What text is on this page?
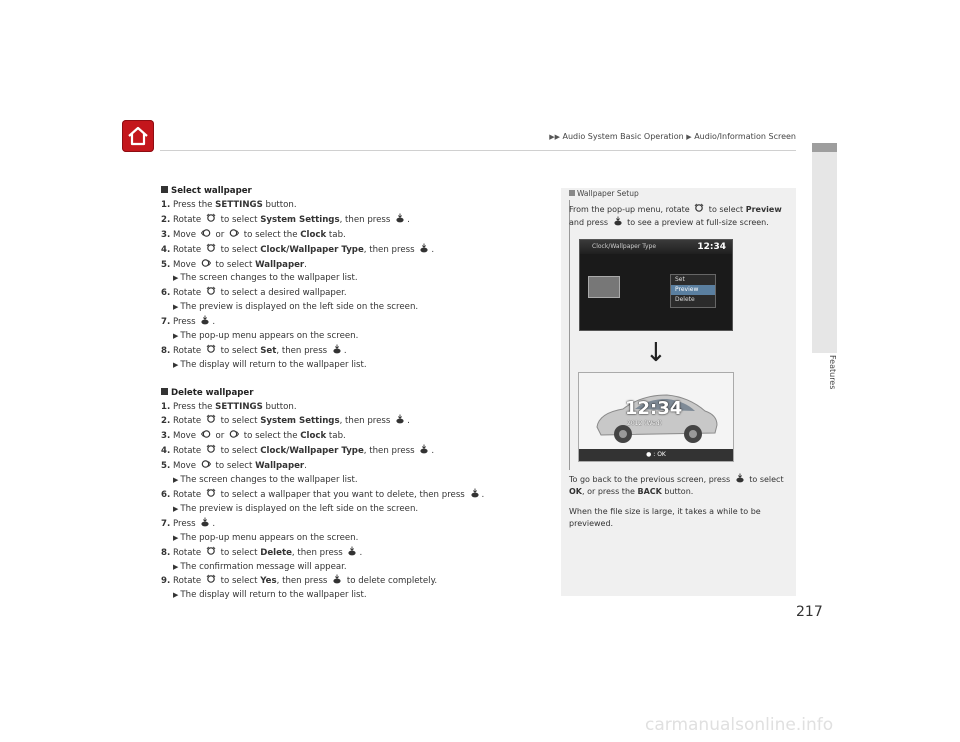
▶▶ Audio System Basic Operation ▶ Audio/Information Screen
Features
Select wallpaper
1. Press the SETTINGS button.
2. Rotate  to select System Settings, then press .
3. Move  or  to select the Clock tab.
4. Rotate  to select Clock/Wallpaper Type, then press .
5. Move  to select Wallpaper.
▶ The screen changes to the wallpaper list.
6. Rotate  to select a desired wallpaper.
▶ The preview is displayed on the left side on the screen.
7. Press .
▶ The pop-up menu appears on the screen.
8. Rotate  to select Set, then press .
▶ The display will return to the wallpaper list.
Delete wallpaper
1. Press the SETTINGS button.
2. Rotate  to select System Settings, then press .
3. Move  or  to select the Clock tab.
4. Rotate  to select Clock/Wallpaper Type, then press .
5. Move  to select Wallpaper.
▶ The screen changes to the wallpaper list.
6. Rotate  to select a wallpaper that you want to delete, then press .
▶ The preview is displayed on the left side on the screen.
7. Press .
▶ The pop-up menu appears on the screen.
8. Rotate  to select Delete, then press .
▶ The confirmation message will appear.
9. Rotate  to select Yes, then press  to delete completely.
▶ The display will return to the wallpaper list.
Wallpaper Setup
From the pop-up menu, rotate  to select Preview and press  to see a preview at full-size screen.
Clock/Wallpaper Type	12:34
Set
Preview
Delete
↓
12:34
2012 (Wed)
● : OK
To go back to the previous screen, press  to select OK, or press the BACK button.
When the file size is large, it takes a while to be previewed.
217
carmanualsonline.info
